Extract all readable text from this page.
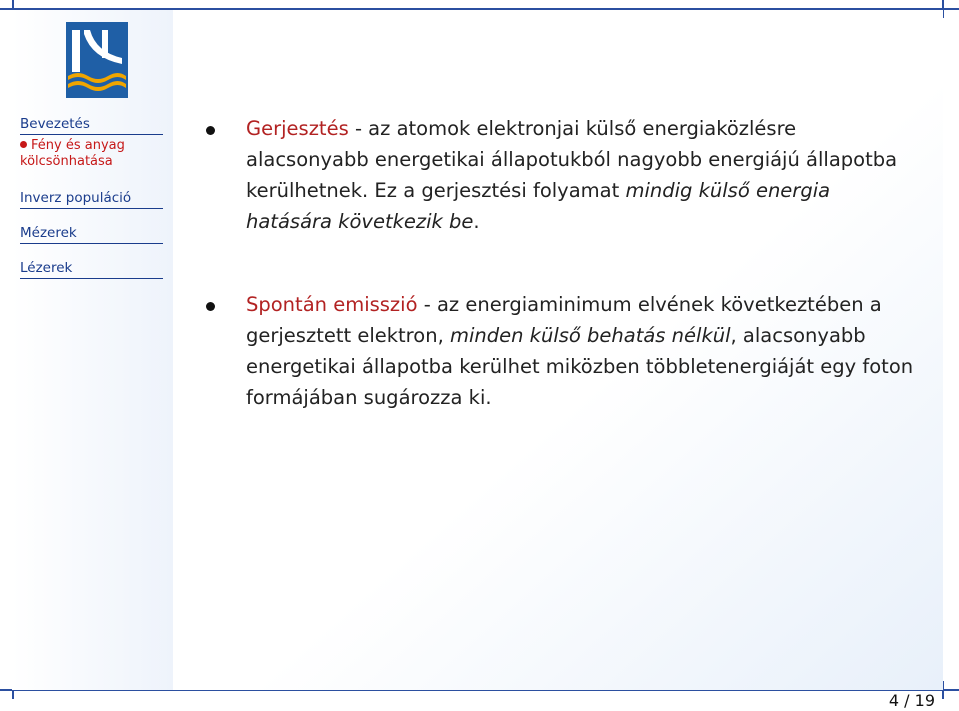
Bevezetés
Fény és anyag kölcsönhatása
Inverz populáció
Mézerek
Lézerek
Gerjesztés - az atomok elektronjai külső energiaközlésre alacsonyabb energetikai állapotukból nagyobb energiájú állapotba kerülhetnek. Ez a gerjesztési folyamat mindig külső energia hatására következik be.
Spontán emisszió - az energiaminimum elvének következtében a gerjesztett elektron, minden külső behatás nélkül, alacsonyabb energetikai állapotba kerülhet miközben többletenergiáját egy foton formájában sugározza ki.
4 / 19
